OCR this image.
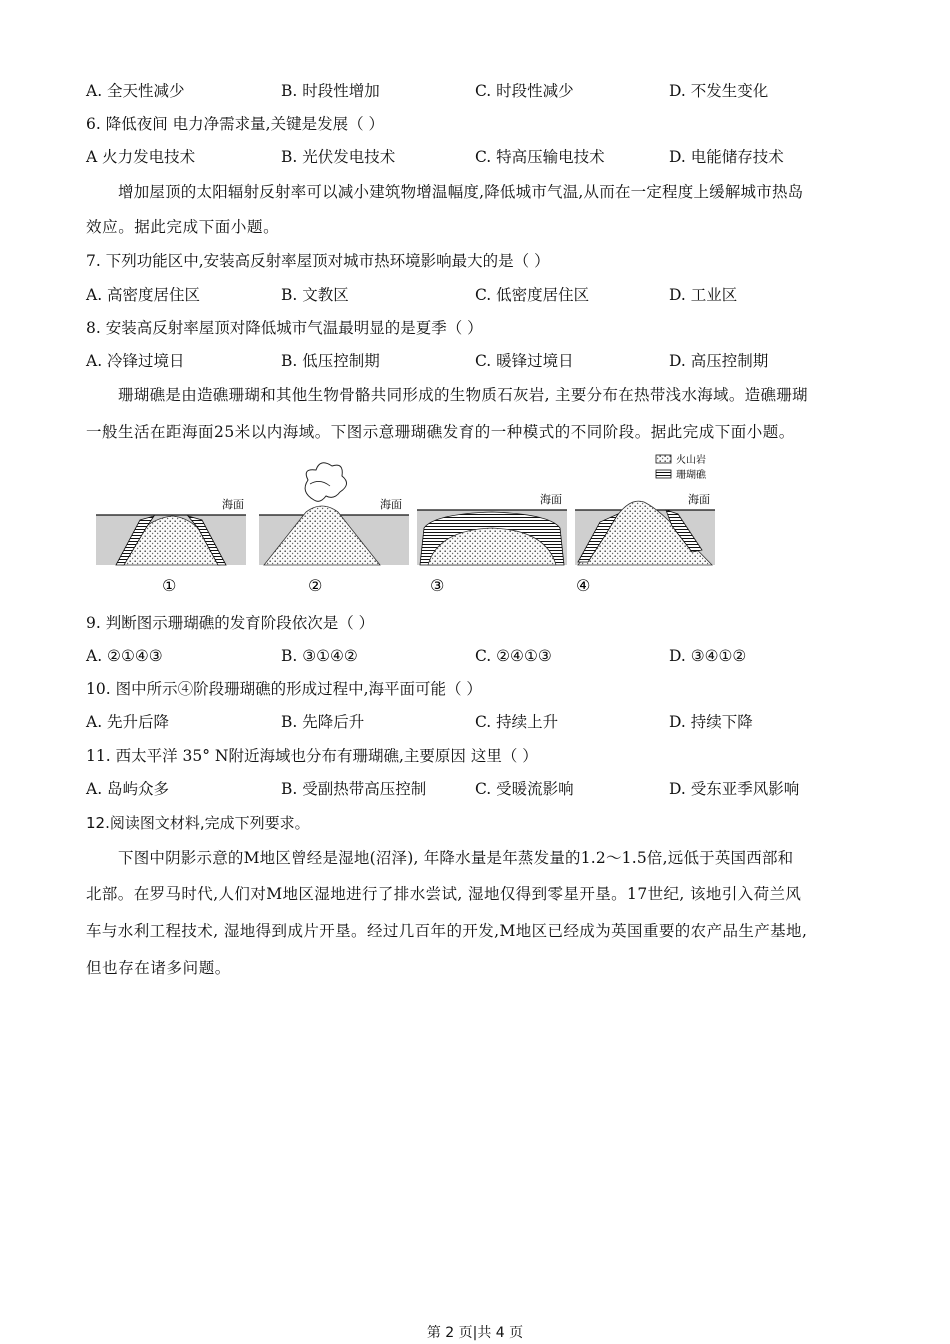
A. 全天性减少	B. 时段性增加	C. 时段性减少	D. 不发生变化
6. 降低夜间 电力净需求量,关键是发展（ ）
A 火力发电技术	B. 光伏发电技术	C. 特高压输电技术	D. 电能储存技术
增加屋顶的太阳辐射反射率可以减小建筑物增温幅度,降低城市气温,从而在一定程度上缓解城市热岛
效应。据此完成下面小题。
7. 下列功能区中,安装高反射率屋顶对城市热环境影响最大的是（ ）
A. 高密度居住区	B. 文教区	C. 低密度居住区	D. 工业区
8. 安装高反射率屋顶对降低城市气温最明显的是夏季（ ）
A. 冷锋过境日	B. 低压控制期	C. 暖锋过境日	D. 高压控制期
珊瑚礁是由造礁珊瑚和其他生物骨骼共同形成的生物质石灰岩, 主要分布在热带浅水海域。造礁珊瑚
一般生活在距海面25米以内海域。下图示意珊瑚礁发育的一种模式的不同阶段。据此完成下面小题。
火山岩
珊瑚礁
海面
①
海面
②
海面
③
海面
④
9. 判断图示珊瑚礁的发育阶段依次是（ ）
A. ②①④③	B. ③①④②	C. ②④①③	D. ③④①②
10. 图中所示④阶段珊瑚礁的形成过程中,海平面可能（ ）
A. 先升后降	B. 先降后升	C. 持续上升	D. 持续下降
11. 西太平洋 35° N附近海域也分布有珊瑚礁,主要原因 这里（ ）
A. 岛屿众多	B. 受副热带高压控制	C. 受暖流影响	D. 受东亚季风影响
12.阅读图文材料,完成下列要求。
下图中阴影示意的M地区曾经是湿地(沼泽), 年降水量是年蒸发量的1.2～1.5倍,远低于英国西部和
北部。在罗马时代,人们对M地区湿地进行了排水尝试, 湿地仅得到零星开垦。17世纪, 该地引入荷兰风
车与水利工程技术, 湿地得到成片开垦。经过几百年的开发,M地区已经成为英国重要的农产品生产基地,
但也存在诸多问题。
第 2 页|共 4 页
